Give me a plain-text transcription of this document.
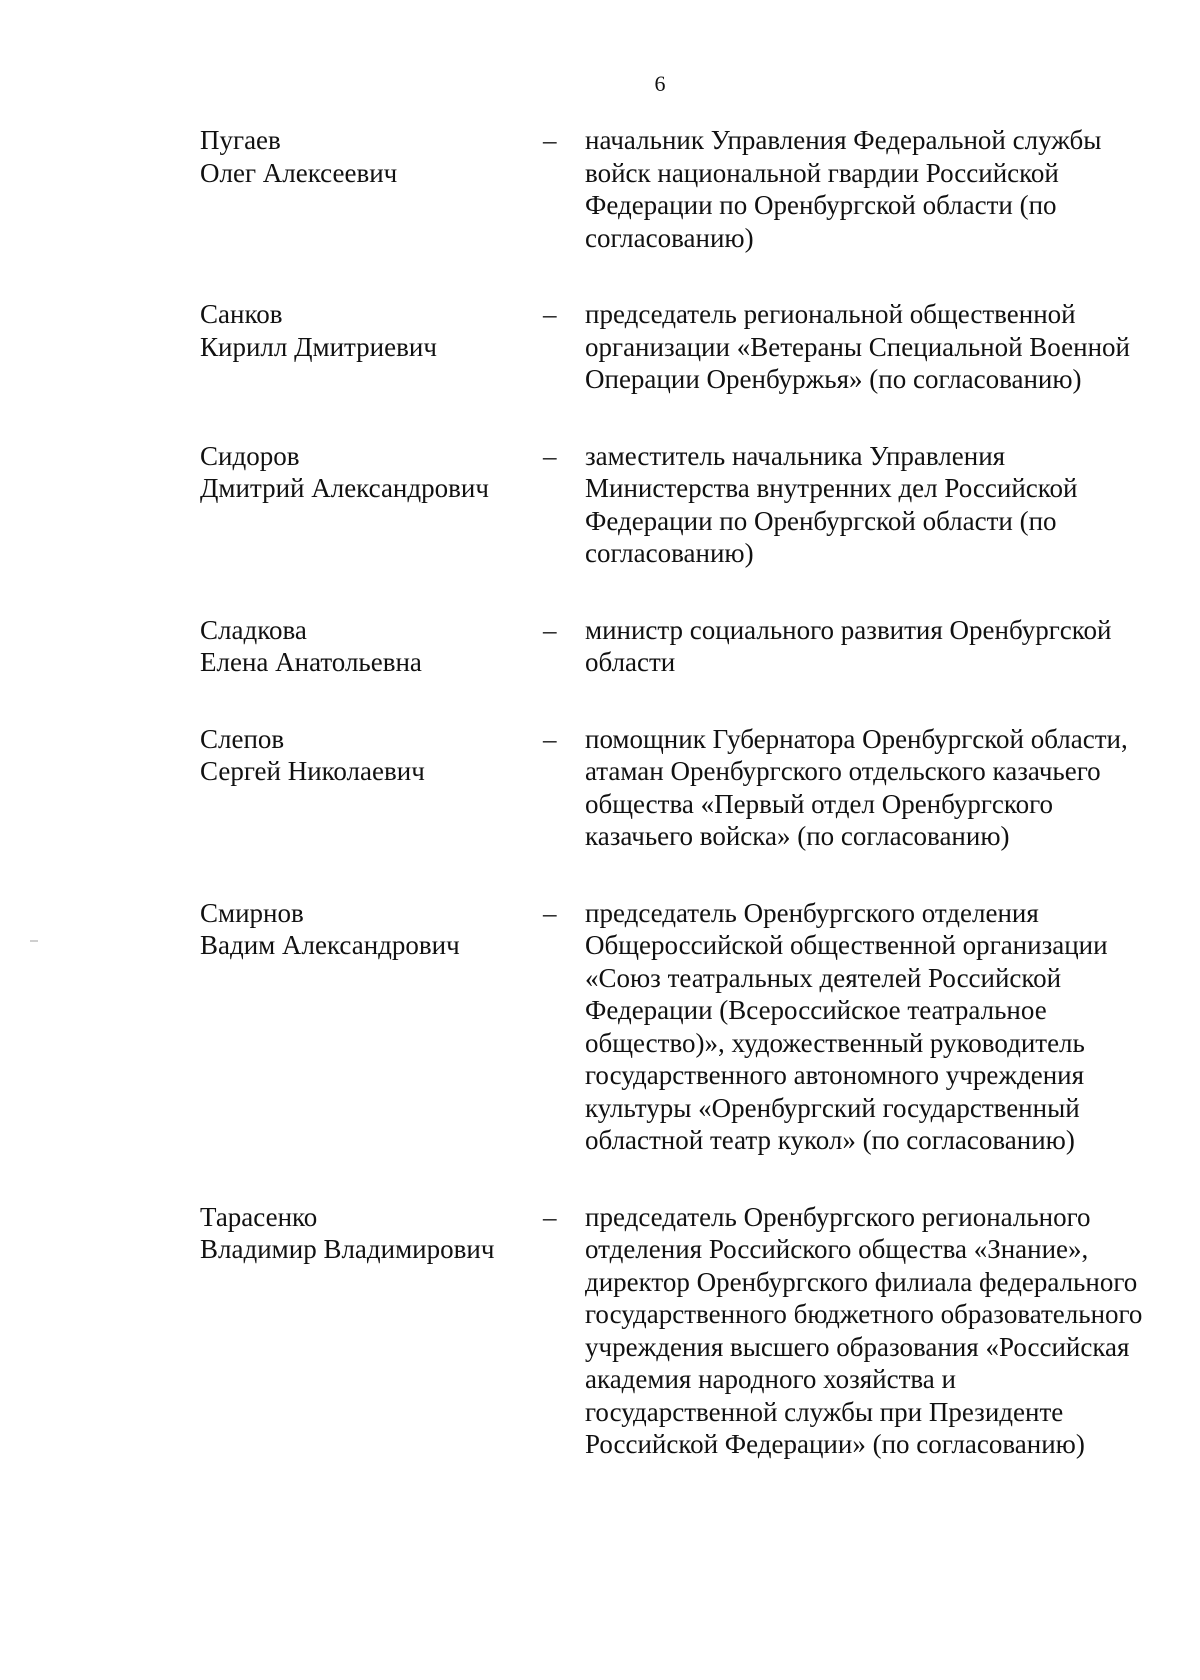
6
Пугаев
Олег Алексеевич
– начальник Управления Федеральной службы войск национальной гвардии Российской Федерации по Оренбургской области (по согласованию)
Санков
Кирилл Дмитриевич
– председатель региональной общественной организации «Ветераны Специальной Военной Операции Оренбуржья» (по согласованию)
Сидоров
Дмитрий Александрович
– заместитель начальника Управления Министерства внутренних дел Российской Федерации по Оренбургской области (по согласованию)
Сладкова
Елена Анатольевна
– министр социального развития Оренбургской области
Слепов
Сергей Николаевич
– помощник Губернатора Оренбургской области, атаман Оренбургского отдельского казачьего общества «Первый отдел Оренбургского казачьего войска» (по согласованию)
Смирнов
Вадим Александрович
– председатель Оренбургского отделения Общероссийской общественной организации «Союз театральных деятелей Российской Федерации (Всероссийское театральное общество)», художественный руководитель государственного автономного учреждения культуры «Оренбургский государственный областной театр кукол» (по согласованию)
Тарасенко
Владимир Владимирович
– председатель Оренбургского регионального отделения Российского общества «Знание», директор Оренбургского филиала федерального государственного бюджетного образовательного учреждения высшего образования «Российская академия народного хозяйства и государственной службы при Президенте Российской Федерации» (по согласованию)
